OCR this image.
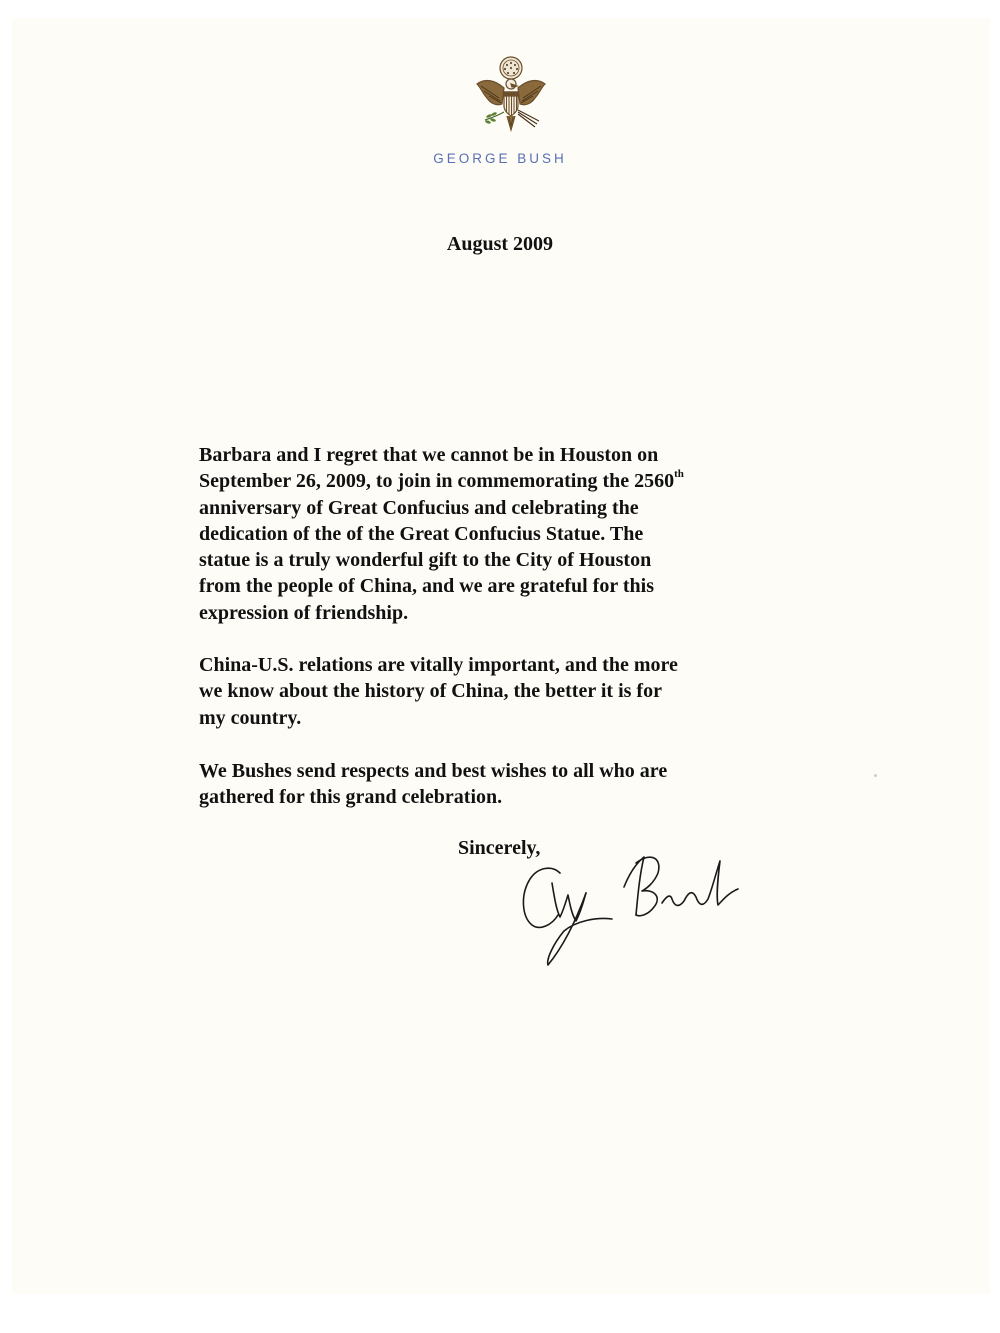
GEORGE BUSH
August 2009
Barbara and I regret that we cannot be in Houston on
September 26, 2009, to join in commemorating the 2560th
anniversary of Great Confucius and celebrating the
dedication of the of the Great Confucius Statue. The
statue is a truly wonderful gift to the City of Houston
from the people of China, and we are grateful for this
expression of friendship.
China-U.S. relations are vitally important, and the more
we know about the history of China, the better it is for
my country.
We Bushes send respects and best wishes to all who are
gathered for this grand celebration.
Sincerely,
